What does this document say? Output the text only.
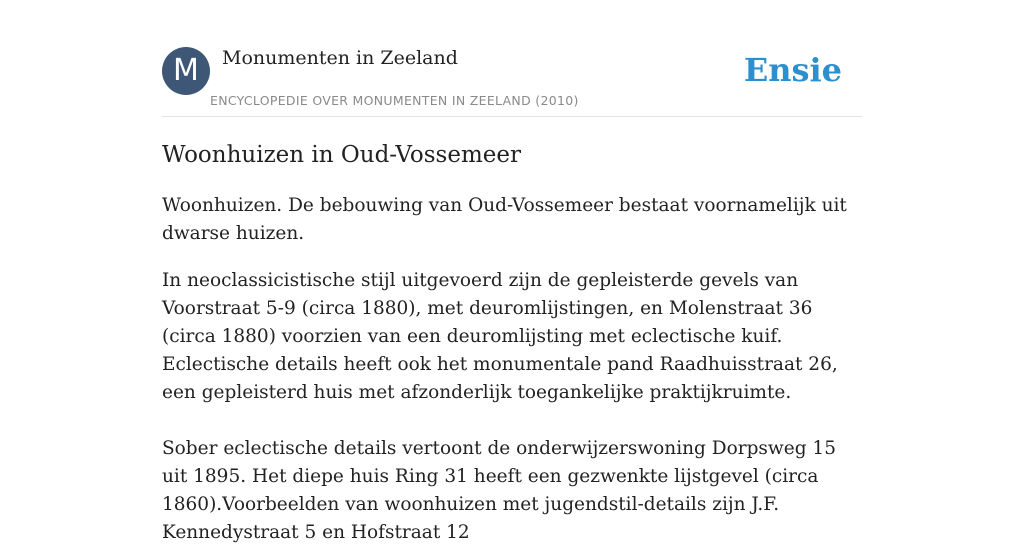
M	Monumenten in Zeeland
ENCYCLOPEDIE OVER MONUMENTEN IN ZEELAND (2010)
Ensie
Woonhuizen in Oud-Vossemeer

Woonhuizen. De bebouwing van Oud-Vossemeer bestaat voornamelijk uit dwarse huizen.

In neoclassicistische stijl uitgevoerd zijn de gepleisterde gevels van Voorstraat 5-9 (circa 1880), met deuromlijstingen, en Molenstraat 36 (circa 1880) voorzien van een deuromlijsting met eclectische kuif. Eclectische details heeft ook het monumentale pand Raadhuisstraat 26, een gepleisterd huis met afzonderlijk toegankelijke praktijkruimte.

Sober eclectische details vertoont de onderwijzerswoning Dorpsweg 15 uit 1895. Het diepe huis Ring 31 heeft een gezwenkte lijstgevel (circa 1860).Voorbeelden van woonhuizen met jugendstil-details zijn J.F. Kennedystraat 5 en Hofstraat 12
